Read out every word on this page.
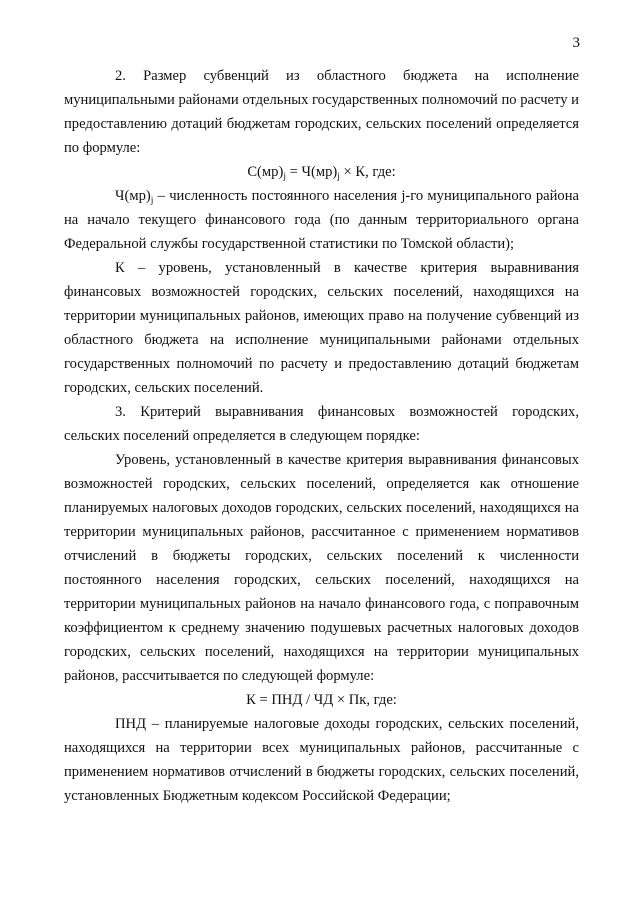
3

2. Размер субвенций из областного бюджета на исполнение муниципальными районами отдельных государственных полномочий по расчету и предоставлению дотаций бюджетам городских, сельских поселений определяется по формуле:

$С(мр)_j = Ч(мр)_j \times К$, где:

$Ч(мр)_j$ – численность постоянного населения j-го муниципального района на начало текущего финансового года (по данным территориального органа Федеральной службы государственной статистики по Томской области);

К – уровень, установленный в качестве критерия выравнивания финансовых возможностей городских, сельских поселений, находящихся на территории муниципальных районов, имеющих право на получение субвенций из областного бюджета на исполнение муниципальными районами отдельных государственных полномочий по расчету и предоставлению дотаций бюджетам городских, сельских поселений.

3. Критерий выравнивания финансовых возможностей городских, сельских поселений определяется в следующем порядке:

Уровень, установленный в качестве критерия выравнивания финансовых возможностей городских, сельских поселений, определяется как отношение планируемых налоговых доходов городских, сельских поселений, находящихся на территории муниципальных районов, рассчитанное с применением нормативов отчислений в бюджеты городских, сельских поселений к численности постоянного населения городских, сельских поселений, находящихся на территории муниципальных районов на начало финансового года, с поправочным коэффициентом к среднему значению подушевых расчетных налоговых доходов городских, сельских поселений, находящихся на территории муниципальных районов, рассчитывается по следующей формуле:

К = ПНД / ЧД × Пк, где:

ПНД – планируемые налоговые доходы городских, сельских поселений, находящихся на территории всех муниципальных районов, рассчитанные с применением нормативов отчислений в бюджеты городских, сельских поселений, установленных Бюджетным кодексом Российской Федерации;
